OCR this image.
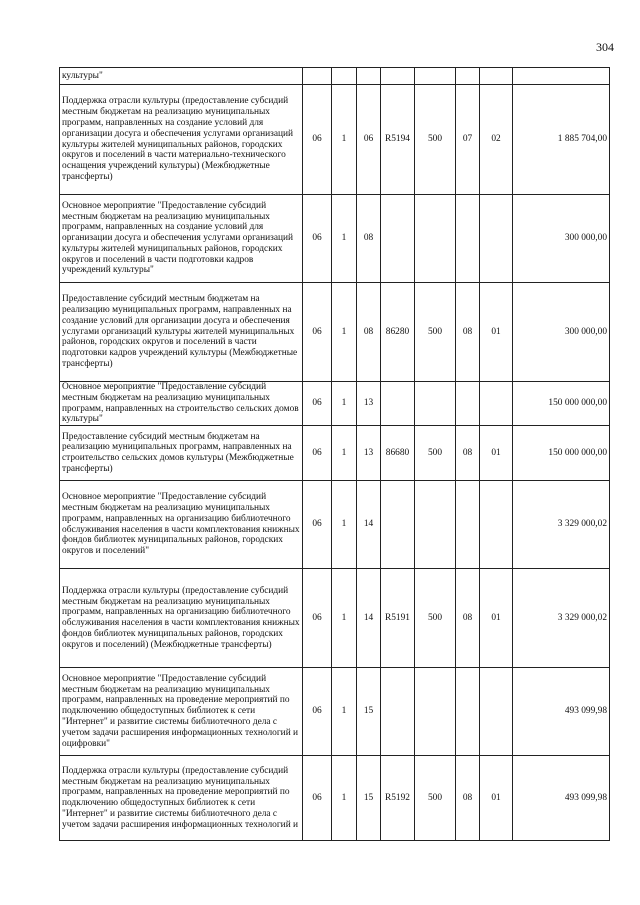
304
культуры"								
Поддержка отрасли культуры (предоставление субсидий местным бюджетам на реализацию муниципальных программ, направленных на создание условий для организации досуга и обеспечения услугами организаций культуры жителей муниципальных районов, городских округов и поселений в части материально-технического оснащения учреждений культуры) (Межбюджетные трансферты)	06	1	06	R5194	500	07	02	1 885 704,00
Основное мероприятие "Предоставление субсидий местным бюджетам на реализацию муниципальных программ, направленных на создание условий для организации досуга и обеспечения услугами организаций культуры жителей муниципальных районов, городских округов и поселений в части подготовки кадров учреждений культуры"	06	1	08					300 000,00
Предоставление субсидий местным бюджетам на реализацию муниципальных программ, направленных на создание условий для организации досуга и обеспечения услугами организаций культуры жителей муниципальных районов, городских округов и поселений в части подготовки кадров учреждений культуры (Межбюджетные трансферты)	06	1	08	86280	500	08	01	300 000,00
Основное мероприятие "Предоставление субсидий местным бюджетам на реализацию муниципальных программ, направленных на строительство сельских домов культуры"	06	1	13					150 000 000,00
Предоставление субсидий местным бюджетам на реализацию муниципальных программ, направленных на строительство сельских домов культуры (Межбюджетные трансферты)	06	1	13	86680	500	08	01	150 000 000,00
Основное мероприятие "Предоставление субсидий местным бюджетам на реализацию муниципальных программ, направленных на организацию библиотечного обслуживания населения в части комплектования книжных фондов библиотек муниципальных районов, городских округов и поселений"	06	1	14					3 329 000,02
Поддержка отрасли культуры (предоставление субсидий местным бюджетам на реализацию муниципальных программ, направленных на организацию библиотечного обслуживания населения в части комплектования книжных фондов библиотек муниципальных районов, городских округов и поселений) (Межбюджетные трансферты)	06	1	14	R5191	500	08	01	3 329 000,02
Основное мероприятие "Предоставление субсидий местным бюджетам на реализацию муниципальных программ, направленных на проведение мероприятий по подключению общедоступных библиотек к сети "Интернет" и развитие системы библиотечного дела с учетом задачи расширения информационных технологий и оцифровки"	06	1	15					493 099,98
Поддержка отрасли культуры (предоставление субсидий местным бюджетам на реализацию муниципальных программ, направленных на проведение мероприятий по подключению общедоступных библиотек к сети "Интернет" и развитие системы библиотечного дела с учетом задачи расширения информационных технологий и	06	1	15	R5192	500	08	01	493 099,98
